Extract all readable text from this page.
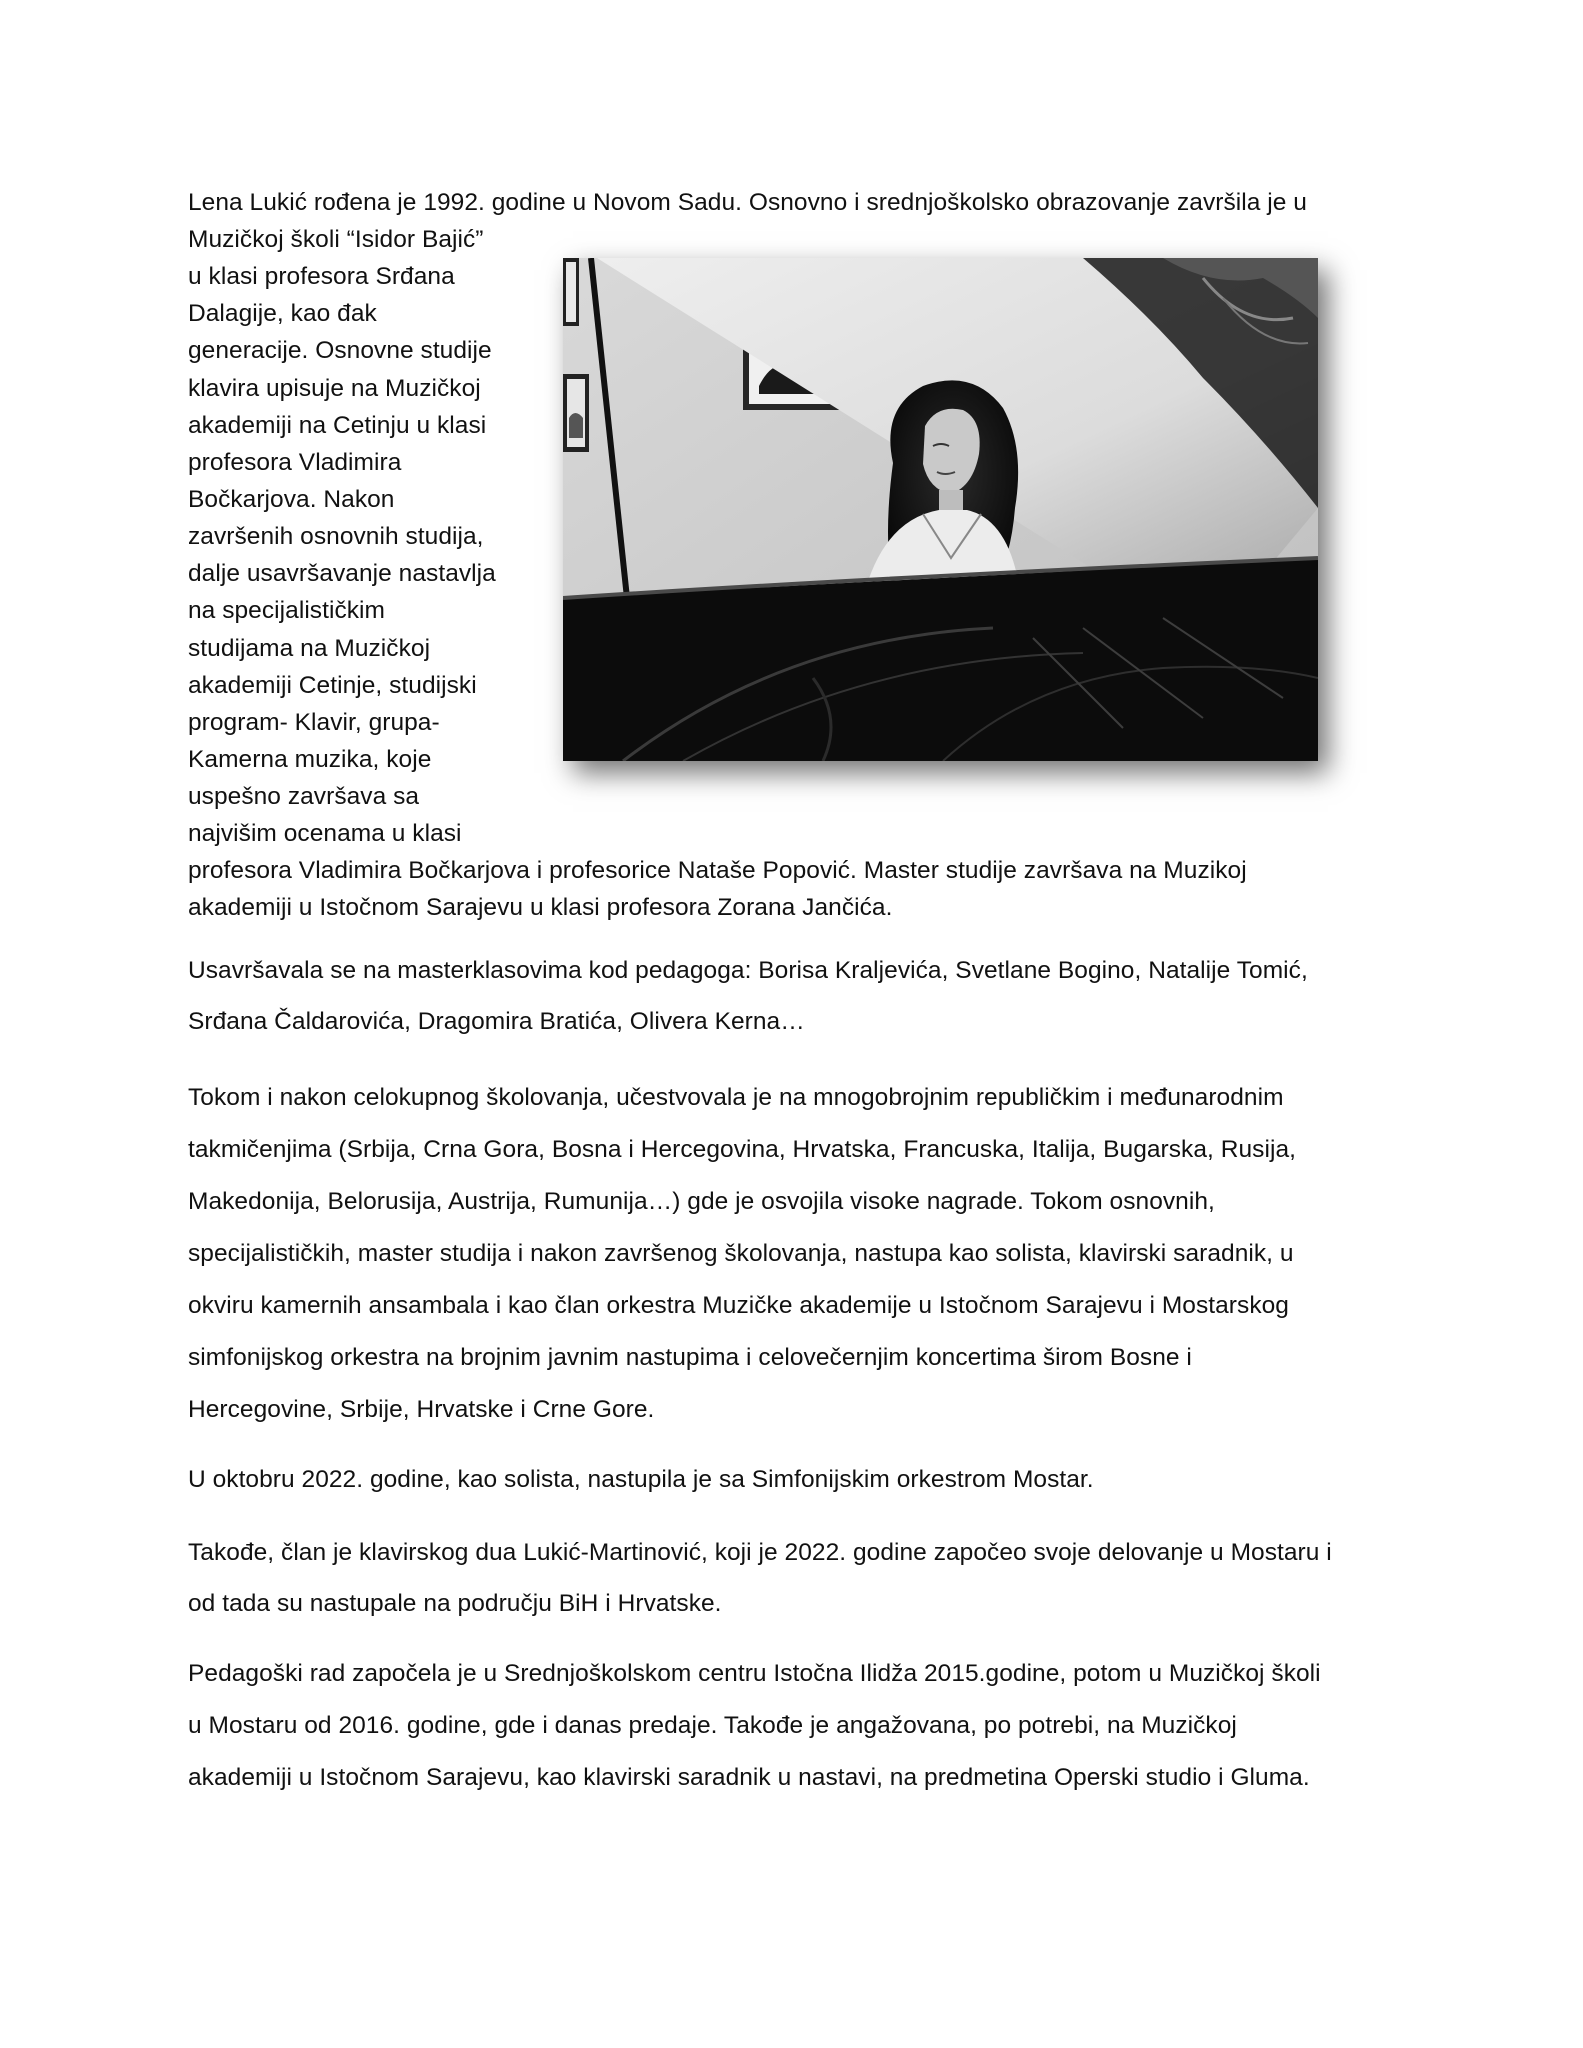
Lena Lukić rođena je 1992. godine u Novom Sadu. Osnovno i srednjoškolsko obrazovanje završila je u

Muzičkoj školi “Isidor Bajić”

u klasi profesora Srđana

Dalagije, kao đak

generacije. Osnovne studije

klavira upisuje na Muzičkoj

akademiji na Cetinju u klasi

profesora Vladimira

Bočkarjova. Nakon

završenih osnovnih studija,

dalje usavršavanje nastavlja

na specijalističkim

studijama na Muzičkoj

akademiji Cetinje, studijski

program- Klavir, grupa-

Kamerna muzika, koje

uspešno završava sa

najvišim ocenama u klasi

profesora Vladimira Bočkarjova i profesorice Nataše Popović. Master studije završava na Muzikoj

akademiji u Istočnom Sarajevu u klasi profesora Zorana Jančića.

Usavršavala se na masterklasovima kod pedagoga: Borisa Kraljevića, Svetlane Bogino, Natalije Tomić,

Srđana Čaldarovića, Dragomira Bratića, Olivera Kerna…

Tokom i nakon celokupnog školovanja, učestvovala je na mnogobrojnim republičkim i međunarodnim

takmičenjima (Srbija, Crna Gora, Bosna i Hercegovina, Hrvatska, Francuska, Italija, Bugarska, Rusija,

Makedonija, Belorusija, Austrija, Rumunija…) gde je osvojila visoke nagrade. Tokom osnovnih,

specijalističkih, master studija i nakon završenog školovanja, nastupa kao solista, klavirski saradnik, u

okviru kamernih ansambala i kao član orkestra Muzičke akademije u Istočnom Sarajevu i Mostarskog

simfonijskog orkestra na brojnim javnim nastupima i celovečernjim koncertima širom Bosne i

Hercegovine, Srbije, Hrvatske i Crne Gore.

U oktobru 2022. godine, kao solista, nastupila je sa Simfonijskim orkestrom Mostar.

Takođe, član je klavirskog dua Lukić-Martinović, koji je 2022. godine započeo svoje delovanje u Mostaru i

od tada su nastupale na području BiH i Hrvatske.

Pedagoški rad započela je u Srednjoškolskom centru Istočna Ilidža 2015.godine, potom u Muzičkoj školi

u Mostaru od 2016. godine, gde i danas predaje. Takođe je angažovana, po potrebi, na Muzičkoj

akademiji u Istočnom Sarajevu, kao klavirski saradnik u nastavi, na predmetina Operski studio i Gluma.
